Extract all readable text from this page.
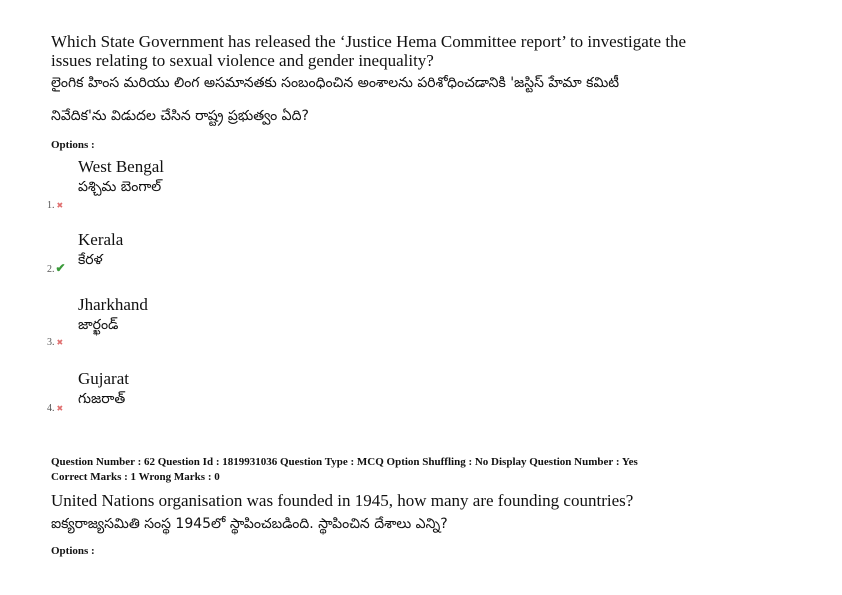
Which State Government has released the ‘Justice Hema Committee report’ to investigate the
issues relating to sexual violence and gender inequality?
లైంగిక హింస మరియు లింగ అసమానతకు సంబంధించిన అంశాలను పరిశోధించడానికి 'జస్టిస్ హేమా కమిటీ
నివేదిక'ను విడుదల చేసిన రాష్ట్ర ప్రభుత్వం ఏది?
Options :
West Bengal
పశ్చిమ బెంగాల్
1. ✖
Kerala
కేరళ
2.✔
Jharkhand
జార్ఖండ్
3. ✖
Gujarat
గుజరాత్
4. ✖
Question Number : 62 Question Id : 1819931036 Question Type : MCQ Option Shuffling : No Display Question Number : Yes
Correct Marks : 1 Wrong Marks : 0
United Nations organisation was founded in 1945, how many are founding countries?
ఐక్యరాజ్యసమితి సంస్థ 1945లో స్థాపించబడింది. స్థాపించిన దేశాలు ఎన్ని?
Options :
